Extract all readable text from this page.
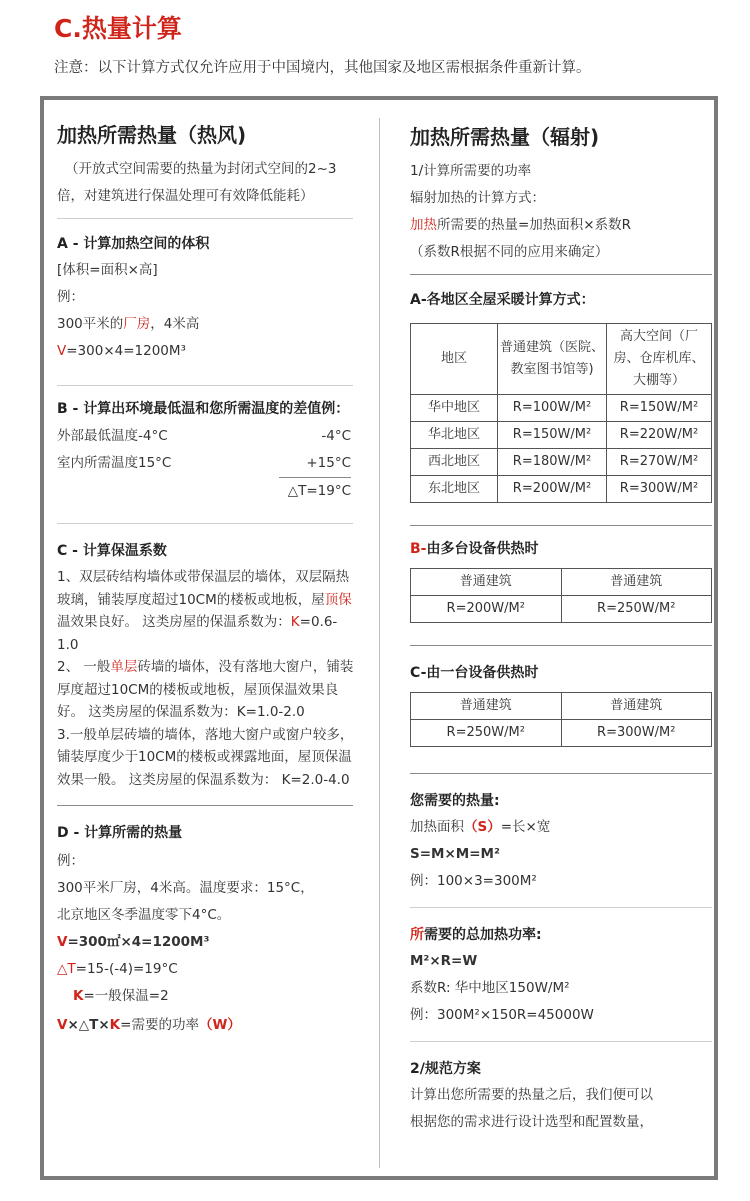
C.热量计算
注意：以下计算方式仅允许应用于中国境内，其他国家及地区需根据条件重新计算。
加热所需热量（热风)
（开放式空间需要的热量为封闭式空间的2~3倍，对建筑进行保温处理可有效降低能耗）
A - 计算加热空间的体积
[体积=面积×高]
例：
300平米的厂房，4米高
V=300×4=1200M³
B - 计算出环境最低温和您所需温度的差值例：
外部最低温度-4°C	-4°C
室内所需温度15°C	+15°C
△T=19°C
C - 计算保温系数
1、双层砖结构墙体或带保温层的墙体，双层隔热玻璃，铺装厚度超过10CM的楼板或地板，屋顶保温效果良好。 这类房屋的保温系数为：K=0.6-1.0
2、 一般单层砖墙的墙体，没有落地大窗户，铺装厚度超过10CM的楼板或地板，屋顶保温效果良好。 这类房屋的保温系数为：K=1.0-2.0
3.一般单层砖墙的墙体，落地大窗户或窗户较多，铺装厚度少于10CM的楼板或裸露地面，屋顶保温效果一般。 这类房屋的保温系数为： K=2.0-4.0
D - 计算所需的热量
例：
300平米厂房，4米高。温度要求：15°C，
北京地区冬季温度零下4°C。
V=300㎡×4=1200M³
△T=15-(-4)=19°C
K=一般保温=2
V×△T×K=需要的功率（W）
加热所需热量（辐射)
1/计算所需要的功率
辐射加热的计算方式：
加热所需要的热量=加热面积×系数R
（系数R根据不同的应用来确定）
A-各地区全屋采暖计算方式：
地区	普通建筑（医院、教室图书馆等)	高大空间（厂房、仓库机库、大棚等）
华中地区	R=100W/M²	R=150W/M²
华北地区	R=150W/M²	R=220W/M²
西北地区	R=180W/M²	R=270W/M²
东北地区	R=200W/M²	R=300W/M²
B-由多台设备供热时
普通建筑	普通建筑
R=200W/M²	R=250W/M²
C-由一台设备供热时
普通建筑	普通建筑
R=250W/M²	R=300W/M²
您需要的热量:
加热面积（S）=长×宽
S=M×M=M²
例：100×3=300M²
所需要的总加热功率:
M²×R=W
系数R: 华中地区150W/M²
例：300M²×150R=45000W
2/规范方案
计算出您所需要的热量之后，我们便可以
根据您的需求进行设计选型和配置数量，
